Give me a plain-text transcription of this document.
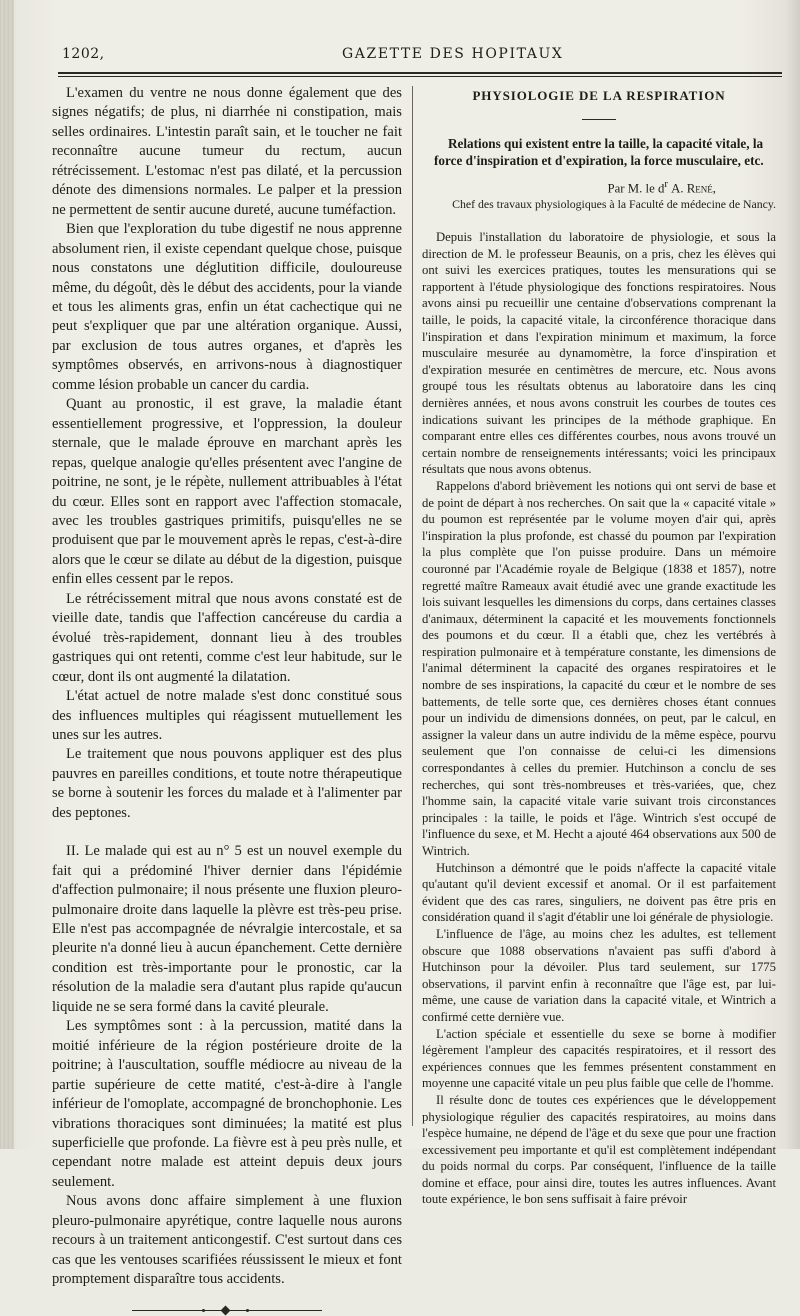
1202,	GAZETTE DES HOPITAUX

L'examen du ventre ne nous donne également que des signes négatifs; de plus, ni diarrhée ni constipation, mais selles ordinaires. L'intestin paraît sain, et le toucher ne fait reconnaître aucune tumeur du rectum, aucun rétrécissement. L'estomac n'est pas dilaté, et la percussion dénote des dimensions normales. Le palper et la pression ne permettent de sentir aucune dureté, aucune tuméfaction.

Bien que l'exploration du tube digestif ne nous apprenne absolument rien, il existe cependant quelque chose, puisque nous constatons une déglutition difficile, douloureuse même, du dégoût, dès le début des accidents, pour la viande et tous les aliments gras, enfin un état cachectique qui ne peut s'expliquer que par une altération organique. Aussi, par exclusion de tous autres organes, et d'après les symptômes observés, en arrivons-nous à diagnostiquer comme lésion probable un cancer du cardia.

Quant au pronostic, il est grave, la maladie étant essentiellement progressive, et l'oppression, la douleur sternale, que le malade éprouve en marchant après les repas, quelque analogie qu'elles présentent avec l'angine de poitrine, ne sont, je le répète, nullement attribuables à l'état du cœur. Elles sont en rapport avec l'affection stomacale, avec les troubles gastriques primitifs, puisqu'elles ne se produisent que par le mouvement après le repas, c'est-à-dire alors que le cœur se dilate au début de la digestion, puisque enfin elles cessent par le repos.

Le rétrécissement mitral que nous avons constaté est de vieille date, tandis que l'affection cancéreuse du cardia a évolué très-rapidement, donnant lieu à des troubles gastriques qui ont retenti, comme c'est leur habitude, sur le cœur, dont ils ont augmenté la dilatation.

L'état actuel de notre malade s'est donc constitué sous des influences multiples qui réagissent mutuellement les unes sur les autres.

Le traitement que nous pouvons appliquer est des plus pauvres en pareilles conditions, et toute notre thérapeutique se borne à soutenir les forces du malade et à l'alimenter par des peptones.

II. Le malade qui est au n° 5 est un nouvel exemple du fait qui a prédominé l'hiver dernier dans l'épidémie d'affection pulmonaire; il nous présente une fluxion pleuro-pulmonaire droite dans laquelle la plèvre est très-peu prise. Elle n'est pas accompagnée de névralgie intercostale, et sa pleurite n'a donné lieu à aucun épanchement. Cette dernière condition est très-importante pour le pronostic, car la résolution de la maladie sera d'autant plus rapide qu'aucun liquide ne se sera formé dans la cavité pleurale.

Les symptômes sont : à la percussion, matité dans la moitié inférieure de la région postérieure droite de la poitrine; à l'auscultation, souffle médiocre au niveau de la partie supérieure de cette matité, c'est-à-dire à l'angle inférieur de l'omoplate, accompagné de bronchophonie. Les vibrations thoraciques sont diminuées; la matité est plus superficielle que profonde. La fièvre est à peu près nulle, et cependant notre malade est atteint depuis deux jours seulement.

Nous avons donc affaire simplement à une fluxion pleuro-pulmonaire apyrétique, contre laquelle nous aurons recours à un traitement anticongestif. C'est surtout dans ces cas que les ventouses scarifiées réussissent le mieux et font promptement disparaître tous accidents.

PHYSIOLOGIE DE LA RESPIRATION

Relations qui existent entre la taille, la capacité vitale, la force d'inspiration et d'expiration, la force musculaire, etc.

Par M. le $d^r$ A. René,
Chef des travaux physiologiques à la Faculté de médecine de Nancy.

Depuis l'installation du laboratoire de physiologie, et sous la direction de M. le professeur Beaunis, on a pris, chez les élèves qui ont suivi les exercices pratiques, toutes les mensurations qui se rapportent à l'étude physiologique des fonctions respiratoires. Nous avons ainsi pu recueillir une centaine d'observations comprenant la taille, le poids, la capacité vitale, la circonférence thoracique dans l'inspiration et dans l'expiration minimum et maximum, la force musculaire mesurée au dynamomètre, la force d'inspiration et d'expiration mesurée en centimètres de mercure, etc. Nous avons groupé tous les résultats obtenus au laboratoire dans les cinq dernières années, et nous avons construit les courbes de toutes ces indications suivant les principes de la méthode graphique. En comparant entre elles ces différentes courbes, nous avons trouvé un certain nombre de renseignements intéressants; voici les principaux résultats que nous avons obtenus.

Rappelons d'abord brièvement les notions qui ont servi de base et de point de départ à nos recherches. On sait que la « capacité vitale » du poumon est représentée par le volume moyen d'air qui, après l'inspiration la plus profonde, est chassé du poumon par l'expiration la plus complète que l'on puisse produire. Dans un mémoire couronné par l'Académie royale de Belgique (1838 et 1857), notre regretté maître Rameaux avait étudié avec une grande exactitude les lois suivant lesquelles les dimensions du corps, dans certaines classes d'animaux, déterminent la capacité et les mouvements fonctionnels des poumons et du cœur. Il a établi que, chez les vertébrés à respiration pulmonaire et à température constante, les dimensions de l'animal déterminent la capacité des organes respiratoires et le nombre de ses inspirations, la capacité du cœur et le nombre de ses battements, de telle sorte que, ces dernières choses étant connues pour un individu de dimensions données, on peut, par le calcul, en assigner la valeur dans un autre individu de la même espèce, pourvu seulement que l'on connaisse de celui-ci les dimensions correspondantes à celles du premier. Hutchinson a conclu de ses recherches, qui sont très-nombreuses et très-variées, que, chez l'homme sain, la capacité vitale varie suivant trois circonstances principales : la taille, le poids et l'âge. Wintrich s'est occupé de l'influence du sexe, et M. Hecht a ajouté 464 observations aux 500 de Wintrich.

Hutchinson a démontré que le poids n'affecte la capacité vitale qu'autant qu'il devient excessif et anomal. Or il est parfaitement évident que des cas rares, singuliers, ne doivent pas être pris en considération quand il s'agit d'établir une loi générale de physiologie.

L'influence de l'âge, au moins chez les adultes, est tellement obscure que 1088 observations n'avaient pas suffi d'abord à Hutchinson pour la dévoiler. Plus tard seulement, sur 1775 observations, il parvint enfin à reconnaître que l'âge est, par lui-même, une cause de variation dans la capacité vitale, et Wintrich a confirmé cette dernière vue.

L'action spéciale et essentielle du sexe se borne à modifier légèrement l'ampleur des capacités respiratoires, et il ressort des expériences connues que les femmes présentent constamment en moyenne une capacité vitale un peu plus faible que celle de l'homme.

Il résulte donc de toutes ces expériences que le développement physiologique régulier des capacités respiratoires, au moins dans l'espèce humaine, ne dépend de l'âge et du sexe que pour une fraction excessivement peu importante et qu'il est complètement indépendant du poids normal du corps. Par conséquent, l'influence de la taille domine et efface, pour ainsi dire, toutes les autres influences. Avant toute expérience, le bon sens suffisait à faire prévoir
